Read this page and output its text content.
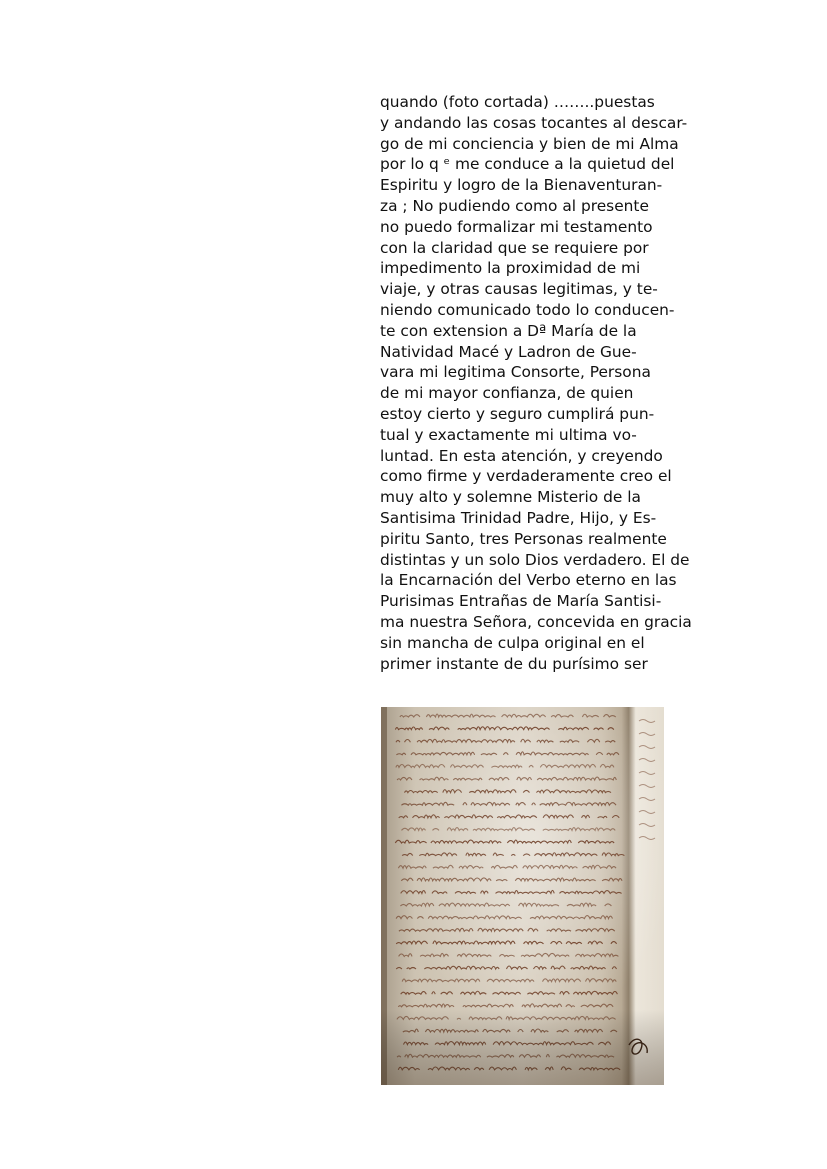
quando (foto cortada) ……..puestas
y andando las cosas tocantes al descar-
go de mi conciencia y bien de mi Alma
por lo q ᵉ me conduce a la quietud del
Espiritu y logro de la Bienaventuran-
za ; No pudiendo como al presente
no puedo formalizar mi testamento
con la claridad que se requiere por
impedimento la proximidad de mi
viaje, y otras causas legitimas, y te-
niendo comunicado todo lo conducen-
te con extension a Dª María de la
Natividad Macé y Ladron de Gue-
vara mi legitima Consorte, Persona
de mi mayor confianza, de quien
estoy cierto y seguro cumplirá pun-
tual y exactamente mi ultima vo-
luntad. En esta atención, y creyendo
como firme y verdaderamente creo el
muy alto y solemne Misterio de la
Santisima Trinidad Padre, Hijo, y Es-
piritu Santo, tres Personas realmente
distintas y un solo Dios verdadero. El de
la Encarnación del Verbo eterno en las
Purisimas Entrañas de María Santisi-
ma nuestra Señora, concevida en gracia
sin mancha de culpa original en el
primer instante de du purísimo ser
